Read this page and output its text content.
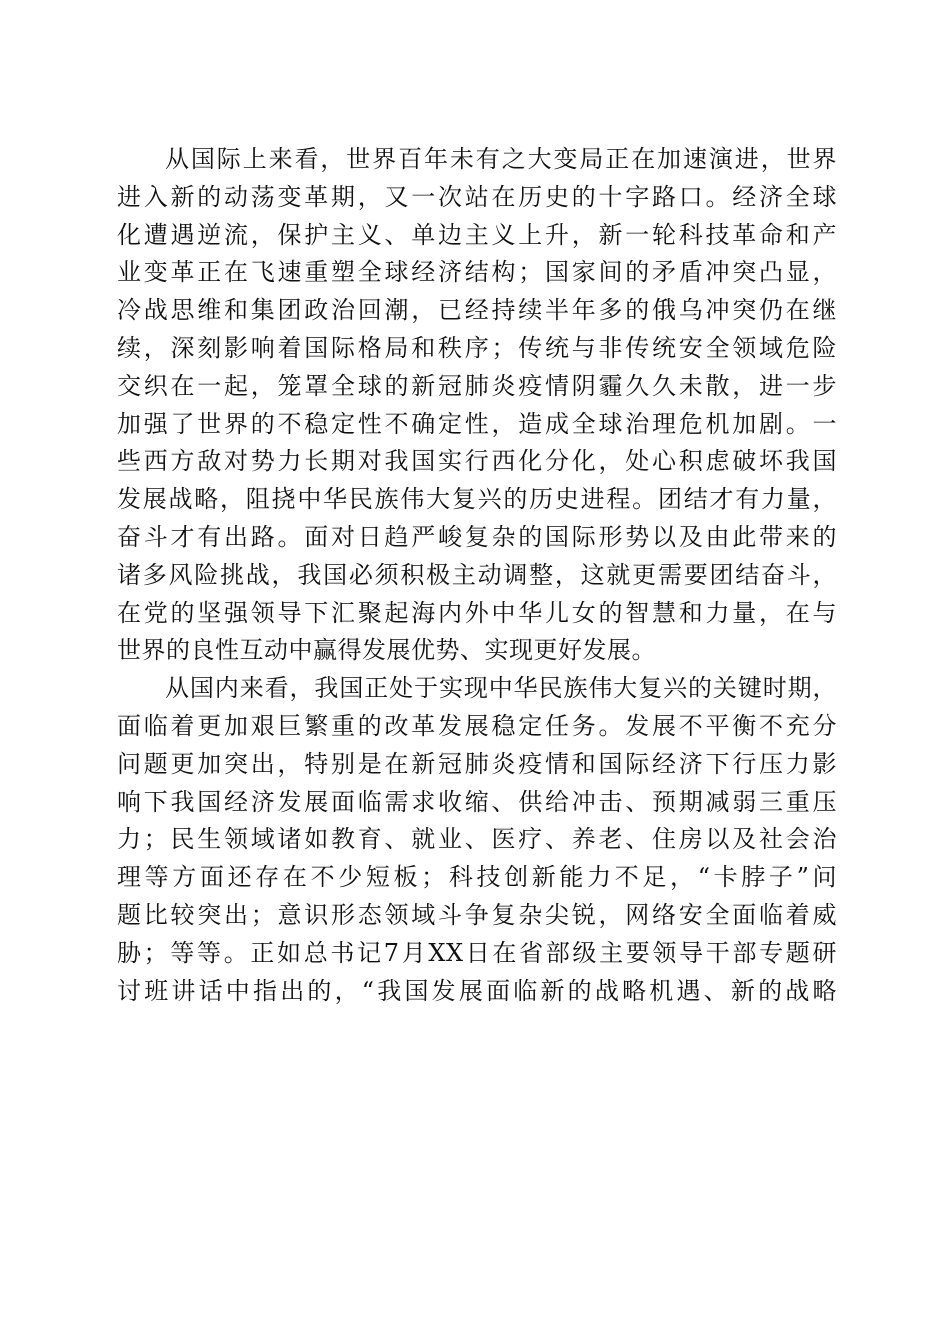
从国际上来看，世界百年未有之大变局正在加速演进，世界
进入新的动荡变革期，又一次站在历史的十字路口。经济全球
化遭遇逆流，保护主义、单边主义上升，新一轮科技革命和产
业变革正在飞速重塑全球经济结构；国家间的矛盾冲突凸显，
冷战思维和集团政治回潮，已经持续半年多的俄乌冲突仍在继
续，深刻影响着国际格局和秩序；传统与非传统安全领域危险
交织在一起，笼罩全球的新冠肺炎疫情阴霾久久未散，进一步
加强了世界的不稳定性不确定性，造成全球治理危机加剧。一
些西方敌对势力长期对我国实行西化分化，处心积虑破坏我国
发展战略，阻挠中华民族伟大复兴的历史进程。团结才有力量，
奋斗才有出路。面对日趋严峻复杂的国际形势以及由此带来的
诸多风险挑战，我国必须积极主动调整，这就更需要团结奋斗，
在党的坚强领导下汇聚起海内外中华儿女的智慧和力量，在与
世界的良性互动中赢得发展优势、实现更好发展。
从国内来看，我国正处于实现中华民族伟大复兴的关键时期，
面临着更加艰巨繁重的改革发展稳定任务。发展不平衡不充分
问题更加突出，特别是在新冠肺炎疫情和国际经济下行压力影
响下我国经济发展面临需求收缩、供给冲击、预期减弱三重压
力；民生领域诸如教育、就业、医疗、养老、住房以及社会治
理等方面还存在不少短板；科技创新能力不足，“卡脖子”问
题比较突出；意识形态领域斗争复杂尖锐，网络安全面临着威
胁；等等。正如总书记7月XX日在省部级主要领导干部专题研
讨班讲话中指出的，“我国发展面临新的战略机遇、新的战略
